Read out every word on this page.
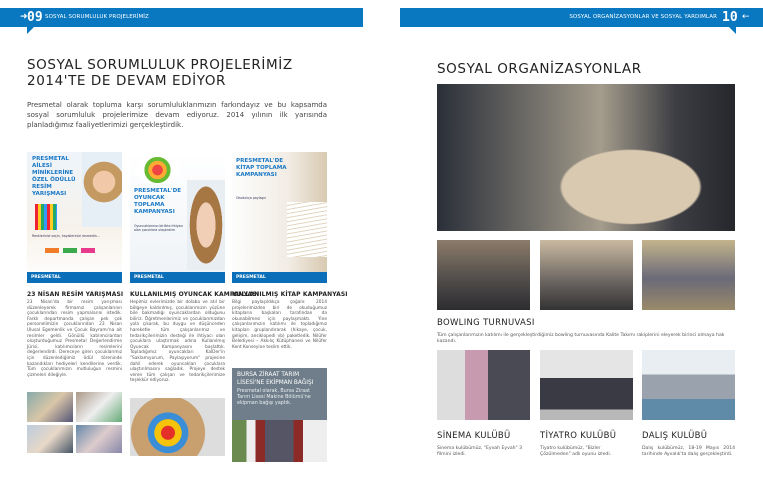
➜ 09 SOSYAL SORUMLULUK PROJELERİMİZ
SOSYAL SORUMLULUK PROJELERİMİZ
2014'TE DE DEVAM EDİYOR
Presmetal olarak topluma karşı sorumluluklarımızın farkındayız ve bu kapsamda sosyal sorumluluk projelerimize devam ediyoruz. 2014 yılının ilk yarısında planladığımız faaliyetlerimizi gerçekleştirdik.
PRESMETAL AİLESİ MİNİKLERİNE ÖZEL ÖDÜLLÜ RESİM YARIŞMASI
Renklerinizi seçin, hayallerinizi resmedin...
PRESMETAL
PRESMETAL'DE OYUNCAK TOPLAMA KAMPANYASI
Oyuncaklarınızı birlikte ihtiyacı olan çocuklara ulaştıralım
PRESMETAL
PRESMETAL'DE KİTAP TOPLAMA KAMPANYASI
Okudukça paylaşın
PRESMETAL
23 NİSAN RESİM YARIŞMASI
23 Nisan'da bir resim yarışması düzenleyerek firmamız çalışanlarının çocuklarından resim yapmalarını istedik. Farklı departmanda çalışan pek çok personelimizin çocuklarından 23 Nisan Ulusal Egemenlik ve Çocuk Bayramı'na ait resimler geldi. Gönüllü katılımcılardan oluşturduğumuz Presmetal Değerlendirme Jürisi, katılımcıların resimlerini değerlendirdi. Dereceye giren çocuklarımız için düzenlediğimiz ödül töreninde kazandıkları hediyeleri kendilerine verdik. Tüm çocuklarımızın mutluluğun resmini çizmeleri dileğiyle.
KULLANILMIŞ OYUNCAK KAMPANYASI
Hepimiz evlerimizde bir dolaba ve atıl bir bölgeye kaldırılmış, çocuklarımızın yüzüne bile bakmadığı oyuncaklardan olduğunu biliriz. Öğretmenlerimiz ve çocuklarımızdan yola çıkarak, bu duygu ve düşünceden hareketle tüm çalışanlarımız ve tedarikçilerimizin desteği ile ihtiyacı olan çocuklara ulaştırmak adına Kullanılmış Oyuncak Kampanyasını başlattık. Topladığımız oyuncakları KalDer'in "Saklamıyorum, Paylaşıyorum" projesine dahil ederek oyuncakları çocuklara ulaştırılmasını sağladık. Projeye destek veren tüm çalışan ve tedarikçilerimize teşekkür ediyoruz.
KULLANILMIŞ KİTAP KAMPANYASI
Bilgi paylaşıldıkça çoğalır. 2014 projelerimizden biri de okuduğumuz kitapların başkaları tarafından da okunabilmesi için paylaşmaktı. Yine çalışanlarımızın katılımı ile topladığımız kitapları gruplandırarak (hikaye, çocuk, gelişim, ansiklopedi vb) paketledik. Nilüfer Belediyesi – Akkılıç Kütüphanesi ve Nilüfer Kent Konseyine teslim ettik.
BURSA ZİRAAT TARIM LİSESİ'NE EKİPMAN BAĞIŞI
Presmetal olarak, Bursa Ziraat Tarım Lisesi Makine Bölümü'ne ekipman bağışı yaptık.
SOSYAL ORGANİZASYONLAR VE SOSYAL YARDIMLAR 10 ←
SOSYAL ORGANİZASYONLAR
BOWLING TURNUVASI
Tüm çalışanlarımızın katılımı ile gerçekleştirdiğimiz bowling turnuvasında Kalite Takımı rakiplerini eleyerek birinci olmaya hak kazandı.
SİNEMA KULÜBÜ
Sinema kulübümüz, "Eyvah Eyvah" 3 filmini izledi.
TİYATRO KULÜBÜ
Tiyatro kulübümüz, "Bizler Çözülmeden" adlı oyunu izledi.
DALIŞ KULÜBÜ
Dalış kulübümüz, 18-19 Mayıs 2014 tarihinde Ayvalık'ta dalış gerçekleştirdi.
